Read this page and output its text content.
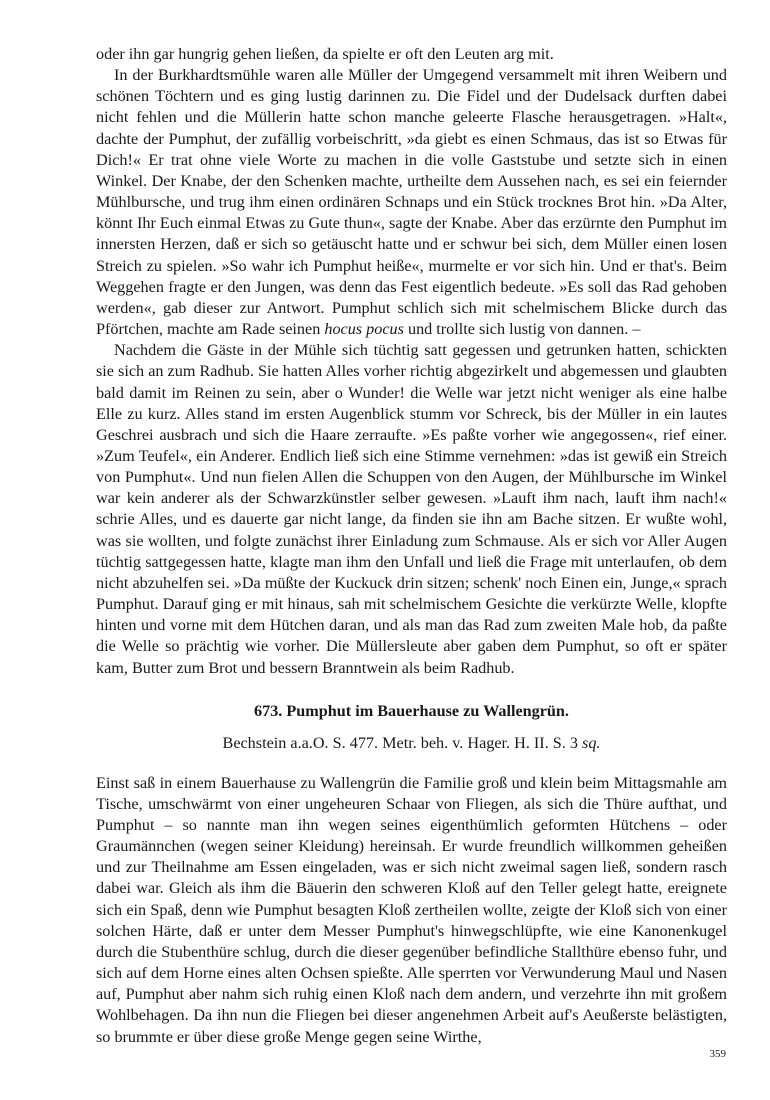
oder ihn gar hungrig gehen ließen, da spielte er oft den Leuten arg mit.

In der Burkhardtsmühle waren alle Müller der Umgegend versammelt mit ihren Weibern und schönen Töchtern und es ging lustig darinnen zu. Die Fidel und der Dudelsack durften dabei nicht fehlen und die Müllerin hatte schon manche geleerte Flasche herausgetragen. »Halt«, dachte der Pumphut, der zufällig vorbeischritt, »da giebt es einen Schmaus, das ist so Etwas für Dich!« Er trat ohne viele Worte zu machen in die volle Gaststube und setzte sich in einen Winkel. Der Knabe, der den Schenken machte, urtheilte dem Aussehen nach, es sei ein feiernder Mühlbursche, und trug ihm einen ordinären Schnaps und ein Stück trocknes Brot hin. »Da Alter, könnt Ihr Euch einmal Etwas zu Gute thun«, sagte der Knabe. Aber das erzürnte den Pumphut im innersten Herzen, daß er sich so getäuscht hatte und er schwur bei sich, dem Müller einen losen Streich zu spielen. »So wahr ich Pumphut heiße«, murmelte er vor sich hin. Und er that's. Beim Weggehen fragte er den Jungen, was denn das Fest eigentlich bedeute. »Es soll das Rad gehoben werden«, gab dieser zur Antwort. Pumphut schlich sich mit schelmischem Blicke durch das Pförtchen, machte am Rade seinen hocus pocus und trollte sich lustig von dannen. –

Nachdem die Gäste in der Mühle sich tüchtig satt gegessen und getrunken hatten, schickten sie sich an zum Radhub. Sie hatten Alles vorher richtig abgezirkelt und abgemessen und glaubten bald damit im Reinen zu sein, aber o Wunder! die Welle war jetzt nicht weniger als eine halbe Elle zu kurz. Alles stand im ersten Augenblick stumm vor Schreck, bis der Müller in ein lautes Geschrei ausbrach und sich die Haare zerraufte. »Es paßte vorher wie angegossen«, rief einer. »Zum Teufel«, ein Anderer. Endlich ließ sich eine Stimme vernehmen: »das ist gewiß ein Streich von Pumphut«. Und nun fielen Allen die Schuppen von den Augen, der Mühlbursche im Winkel war kein anderer als der Schwarzkünstler selber gewesen. »Lauft ihm nach, lauft ihm nach!« schrie Alles, und es dauerte gar nicht lange, da finden sie ihn am Bache sitzen. Er wußte wohl, was sie wollten, und folgte zunächst ihrer Einladung zum Schmause. Als er sich vor Aller Augen tüchtig sattgegessen hatte, klagte man ihm den Unfall und ließ die Frage mit unterlaufen, ob dem nicht abzuhelfen sei. »Da müßte der Kuckuck drin sitzen; schenk' noch Einen ein, Junge,« sprach Pumphut. Darauf ging er mit hinaus, sah mit schelmischem Gesichte die verkürzte Welle, klopfte hinten und vorne mit dem Hütchen daran, und als man das Rad zum zweiten Male hob, da paßte die Welle so prächtig wie vorher. Die Müllersleute aber gaben dem Pumphut, so oft er später kam, Butter zum Brot und bessern Branntwein als beim Radhub.

673. Pumphut im Bauerhause zu Wallengrün.

Bechstein a.a.O. S. 477. Metr. beh. v. Hager. H. II. S. 3 sq.

Einst saß in einem Bauerhause zu Wallengrün die Familie groß und klein beim Mittagsmahle am Tische, umschwärmt von einer ungeheuren Schaar von Fliegen, als sich die Thüre aufthat, und Pumphut – so nannte man ihn wegen seines eigenthümlich geformten Hütchens – oder Graumännchen (wegen seiner Kleidung) hereinsah. Er wurde freundlich willkommen geheißen und zur Theilnahme am Essen eingeladen, was er sich nicht zweimal sagen ließ, sondern rasch dabei war. Gleich als ihm die Bäuerin den schweren Kloß auf den Teller gelegt hatte, ereignete sich ein Spaß, denn wie Pumphut besagten Kloß zertheilen wollte, zeigte der Kloß sich von einer solchen Härte, daß er unter dem Messer Pumphut's hinwegschlüpfte, wie eine Kanonenkugel durch die Stubenthüre schlug, durch die dieser gegenüber befindliche Stallthüre ebenso fuhr, und sich auf dem Horne eines alten Ochsen spießte. Alle sperrten vor Verwunderung Maul und Nasen auf, Pumphut aber nahm sich ruhig einen Kloß nach dem andern, und verzehrte ihn mit großem Wohlbehagen. Da ihn nun die Fliegen bei dieser angenehmen Arbeit auf's Aeußerste belästigten, so brummte er über diese große Menge gegen seine Wirthe,

359
